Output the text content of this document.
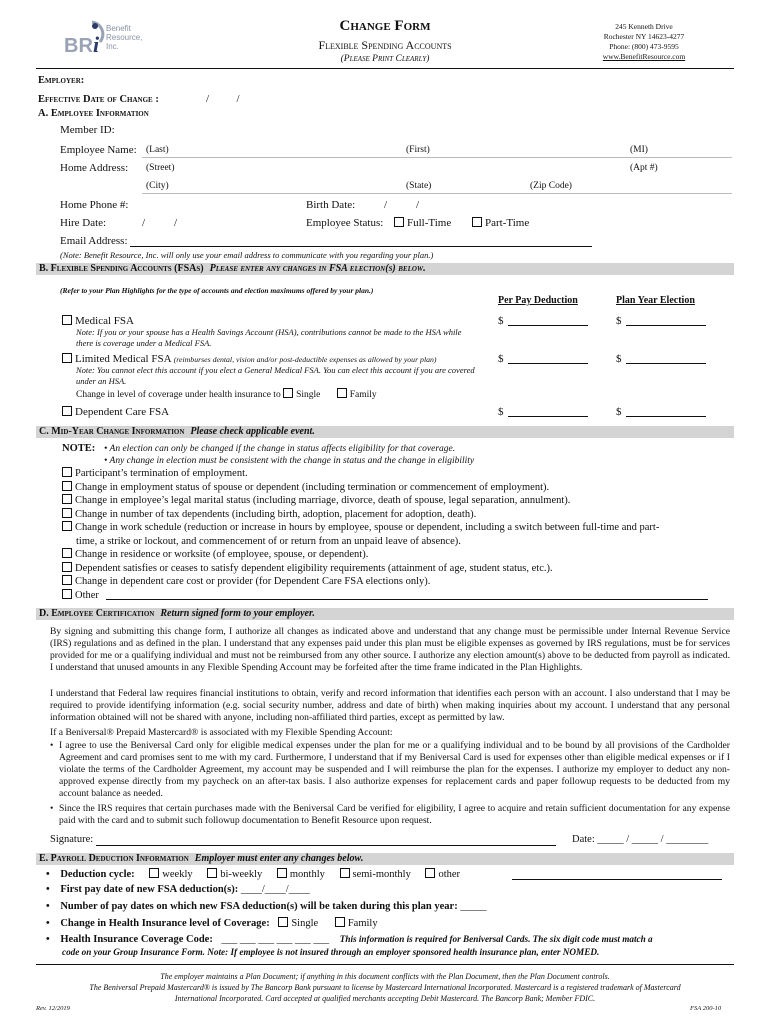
BR i
Benefit
Resource,
Inc.
Change Form
Flexible Spending Accounts
(Please Print Clearly)
245 Kenneth Drive
Rochester NY 14623-4277
Phone: (800) 473-9595
www.BenefitResource.com
Employer:
Effective Date of Change :	/          /
A. Employee Information
Member ID:
Employee Name: (Last)	(First)	(MI)
Home Address: (Street)	(Apt #)
(City)	(State)	(Zip Code)
Home Phone #:	Birth Date:	/	/
Hire Date:	/	/	Employee Status:	Full-Time	Part-Time
Email Address:
(Note: Benefit Resource, Inc. will only use your email address to communicate with you regarding your plan.)
B. Flexible Spending Accounts (FSAs) Please enter any changes in FSA election(s) below.
(Refer to your Plan Highlights for the type of accounts and election maximums offered by your plan.)
Per Pay Deduction	Plan Year Election
Medical FSA
Note: If you or your spouse has a Health Savings Account (HSA), contributions cannot be made to the HSA while there is coverage under a Medical FSA.
$	$
Limited Medical FSA (reimburses dental, vision and/or post-deductible expenses as allowed by your plan)
Note: You cannot elect this account if you elect a General Medical FSA. You can elect this account if you are covered under an HSA.
$	$
Change in level of coverage under health insurance to Single	Family
Dependent Care FSA	$	$
C. Mid-Year Change Information Please check applicable event.
NOTE: • An election can only be changed if the change in status affects eligibility for that coverage.
• Any change in election must be consistent with the change in status and the change in eligibility
Participant’s termination of employment.
Change in employment status of spouse or dependent (including termination or commencement of employment).
Change in employee’s legal marital status (including marriage, divorce, death of spouse, legal separation, annulment).
Change in number of tax dependents (including birth, adoption, placement for adoption, death).
Change in work schedule (reduction or increase in hours by employee, spouse or dependent, including a switch between full-time and part-
time, a strike or lockout, and commencement of or return from an unpaid leave of absence).
Change in residence or worksite (of employee, spouse, or dependent).
Dependent satisfies or ceases to satisfy dependent eligibility requirements (attainment of age, student status, etc.).
Change in dependent care cost or provider (for Dependent Care FSA elections only).
Other
D. Employee Certification Return signed form to your employer.
By signing and submitting this change form, I authorize all changes as indicated above and understand that any change must be permissible under Internal Revenue Service (IRS) regulations and as defined in the plan. I understand that any expenses paid under this plan must be eligible expenses as governed by IRS regulations, must be for services provided for me or a qualifying individual and must not be reimbursed from any other source. I authorize any election amount(s) above to be deducted from payroll as indicated. I understand that unused amounts in any Flexible Spending Account may be forfeited after the time frame indicated in the Plan Highlights.
I understand that Federal law requires financial institutions to obtain, verify and record information that identifies each person with an account. I also understand that I may be required to provide identifying information (e.g. social security number, address and date of birth) when making inquiries about my account. I understand that any personal information obtained will not be shared with anyone, including non-affiliated third parties, except as permitted by law.
If a Beniversal® Prepaid Mastercard® is associated with my Flexible Spending Account:
• I agree to use the Beniversal Card only for eligible medical expenses under the plan for me or a qualifying individual and to be bound by all provisions of the Cardholder Agreement and card promises sent to me with my card. Furthermore, I understand that if my Beniversal Card is used for expenses other than eligible medical expenses or if I violate the terms of the Cardholder Agreement, my account may be suspended and I will reimburse the plan for the expenses. I authorize my employer to deduct any non-approved expense directly from my paycheck on an after-tax basis. I also authorize expenses for replacement cards and paper followup requests to be deducted from my account balance as needed.
• Since the IRS requires that certain purchases made with the Beniversal Card be verified for eligibility, I agree to acquire and retain sufficient documentation for any expense paid with the card and to submit such followup documentation to Benefit Resource upon request.
Signature:	Date: _____ / _____ / ________
E. Payroll Deduction Information Employer must enter any changes below.
• Deduction cycle:	weekly	bi-weekly	monthly	semi-monthly	other
• First pay date of new FSA deduction(s): ____/____/____
• Number of pay dates on which new FSA deduction(s) will be taken during this plan year: _____
• Change in Health Insurance level of Coverage: Single	Family
• Health Insurance Coverage Code: ___ ___ ___ ___ ___ ___ This information is required for Beniversal Cards. The six digit code must match a
code on your Group Insurance Form. Note: If employee is not insured through an employer sponsored health insurance plan, enter NOMED.
The employer maintains a Plan Document; if anything in this document conflicts with the Plan Document, then the Plan Document controls.
The Beniversal Prepaid Mastercard® is issued by The Bancorp Bank pursuant to license by Mastercard International Incorporated. Mastercard is a registered trademark of Mastercard
International Incorporated. Card accepted at qualified merchants accepting Debit Mastercard. The Bancorp Bank; Member FDIC.
Rev. 12/2019	FSA 200-10
